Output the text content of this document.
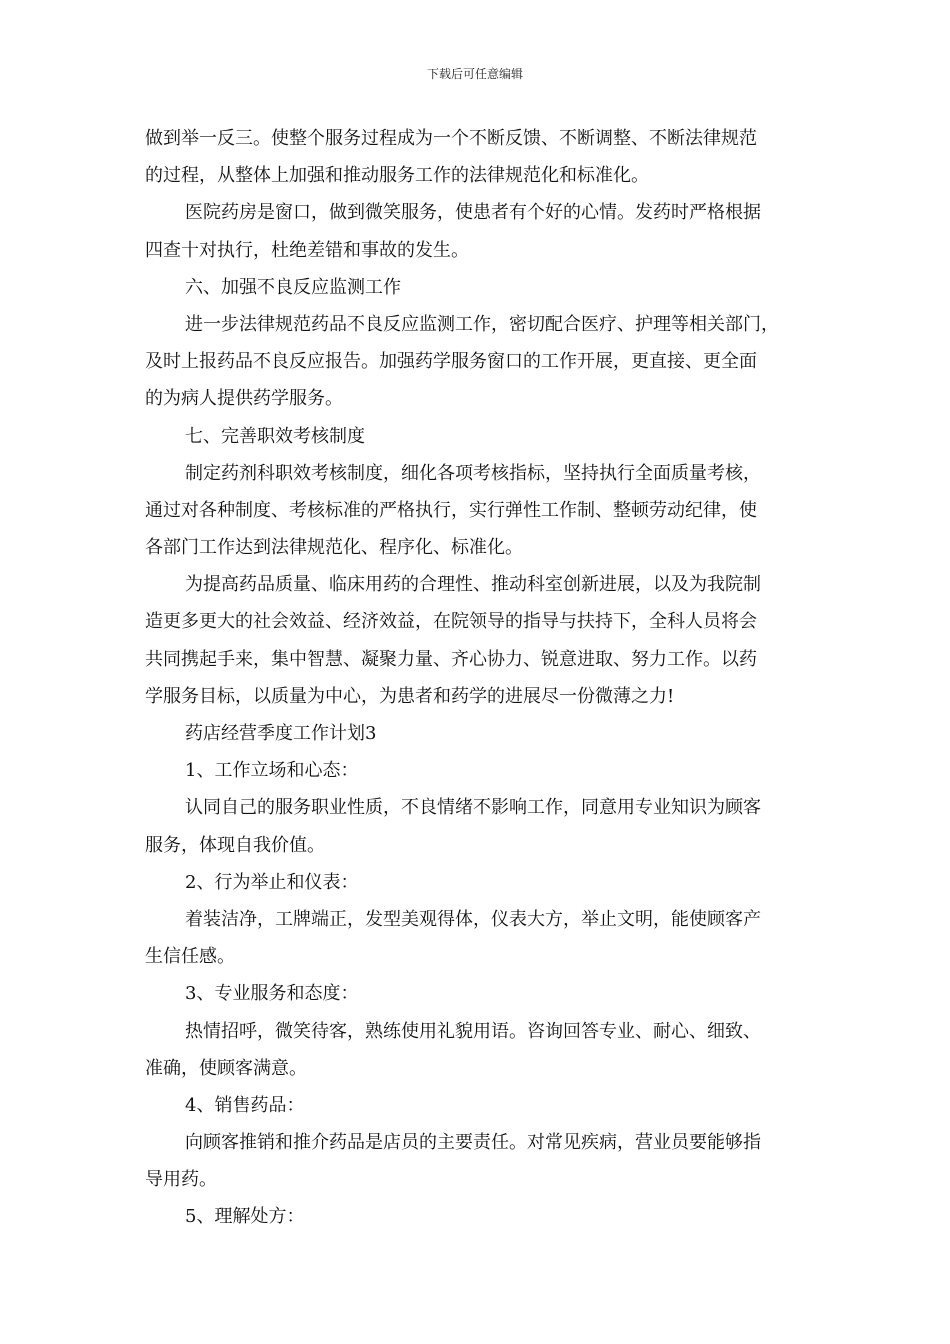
下载后可任意编辑
做到举一反三。使整个服务过程成为一个不断反馈、不断调整、不断法律规范
的过程，从整体上加强和推动服务工作的法律规范化和标准化。
医院药房是窗口，做到微笑服务，使患者有个好的心情。发药时严格根据
四查十对执行，杜绝差错和事故的发生。
六、加强不良反应监测工作
进一步法律规范药品不良反应监测工作，密切配合医疗、护理等相关部门，
及时上报药品不良反应报告。加强药学服务窗口的工作开展，更直接、更全面
的为病人提供药学服务。
七、完善职效考核制度
制定药剂科职效考核制度，细化各项考核指标，坚持执行全面质量考核，
通过对各种制度、考核标准的严格执行，实行弹性工作制、整顿劳动纪律，使
各部门工作达到法律规范化、程序化、标准化。
为提高药品质量、临床用药的合理性、推动科室创新进展，以及为我院制
造更多更大的社会效益、经济效益，在院领导的指导与扶持下，全科人员将会
共同携起手来，集中智慧、凝聚力量、齐心协力、锐意进取、努力工作。以药
学服务目标，以质量为中心，为患者和药学的进展尽一份微薄之力!
药店经营季度工作计划3
1、工作立场和心态：
认同自己的服务职业性质，不良情绪不影响工作，同意用专业知识为顾客
服务，体现自我价值。
2、行为举止和仪表：
着装洁净，工牌端正，发型美观得体，仪表大方，举止文明，能使顾客产
生信任感。
3、专业服务和态度：
热情招呼，微笑待客，熟练使用礼貌用语。咨询回答专业、耐心、细致、
准确，使顾客满意。
4、销售药品：
向顾客推销和推介药品是店员的主要责任。对常见疾病，营业员要能够指
导用药。
5、理解处方：
